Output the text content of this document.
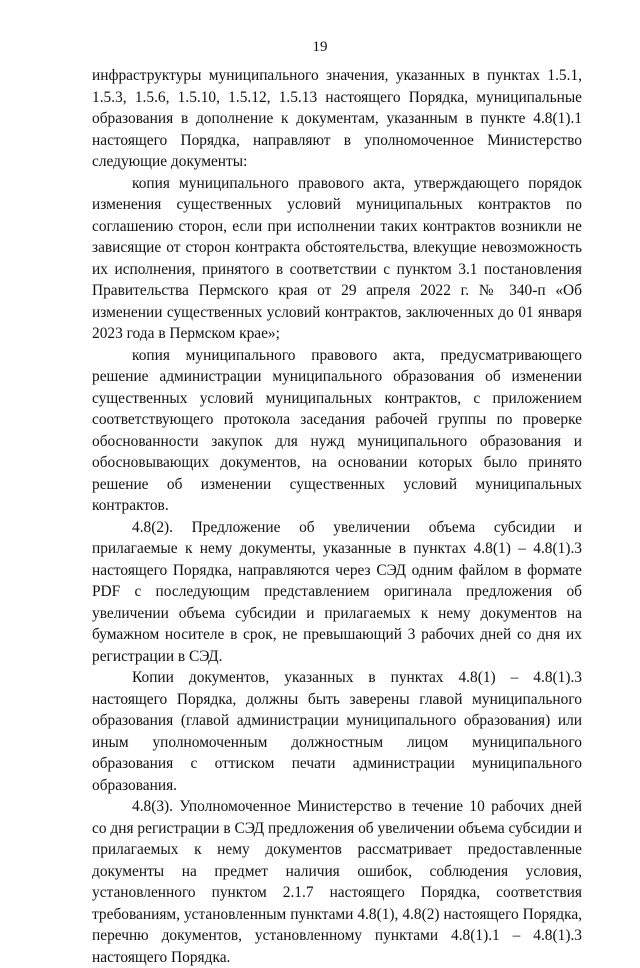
19

инфраструктуры муниципального значения, указанных в пунктах 1.5.1, 1.5.3, 1.5.6, 1.5.10, 1.5.12, 1.5.13 настоящего Порядка, муниципальные образования в дополнение к документам, указанным в пункте 4.8(1).1 настоящего Порядка, направляют в уполномоченное Министерство следующие документы:

копия муниципального правового акта, утверждающего порядок изменения существенных условий муниципальных контрактов по соглашению сторон, если при исполнении таких контрактов возникли не зависящие от сторон контракта обстоятельства, влекущие невозможность их исполнения, принятого в соответствии с пунктом 3.1 постановления Правительства Пермского края от 29 апреля 2022 г. № 340-п «Об изменении существенных условий контрактов, заключенных до 01 января 2023 года в Пермском крае»;

копия муниципального правового акта, предусматривающего решение администрации муниципального образования об изменении существенных условий муниципальных контрактов, с приложением соответствующего протокола заседания рабочей группы по проверке обоснованности закупок для нужд муниципального образования и обосновывающих документов, на основании которых было принято решение об изменении существенных условий муниципальных контрактов.

4.8(2). Предложение об увеличении объема субсидии и прилагаемые к нему документы, указанные в пунктах 4.8(1) – 4.8(1).3 настоящего Порядка, направляются через СЭД одним файлом в формате PDF с последующим представлением оригинала предложения об увеличении объема субсидии и прилагаемых к нему документов на бумажном носителе в срок, не превышающий 3 рабочих дней со дня их регистрации в СЭД.

Копии документов, указанных в пунктах 4.8(1) – 4.8(1).3 настоящего Порядка, должны быть заверены главой муниципального образования (главой администрации муниципального образования) или иным уполномоченным должностным лицом муниципального образования с оттиском печати администрации муниципального образования.

4.8(3). Уполномоченное Министерство в течение 10 рабочих дней со дня регистрации в СЭД предложения об увеличении объема субсидии и прилагаемых к нему документов рассматривает предоставленные документы на предмет наличия ошибок, соблюдения условия, установленного пунктом 2.1.7 настоящего Порядка, соответствия требованиям, установленным пунктами 4.8(1), 4.8(2) настоящего Порядка, перечню документов, установленному пунктами 4.8(1).1 – 4.8(1).3 настоящего Порядка.
